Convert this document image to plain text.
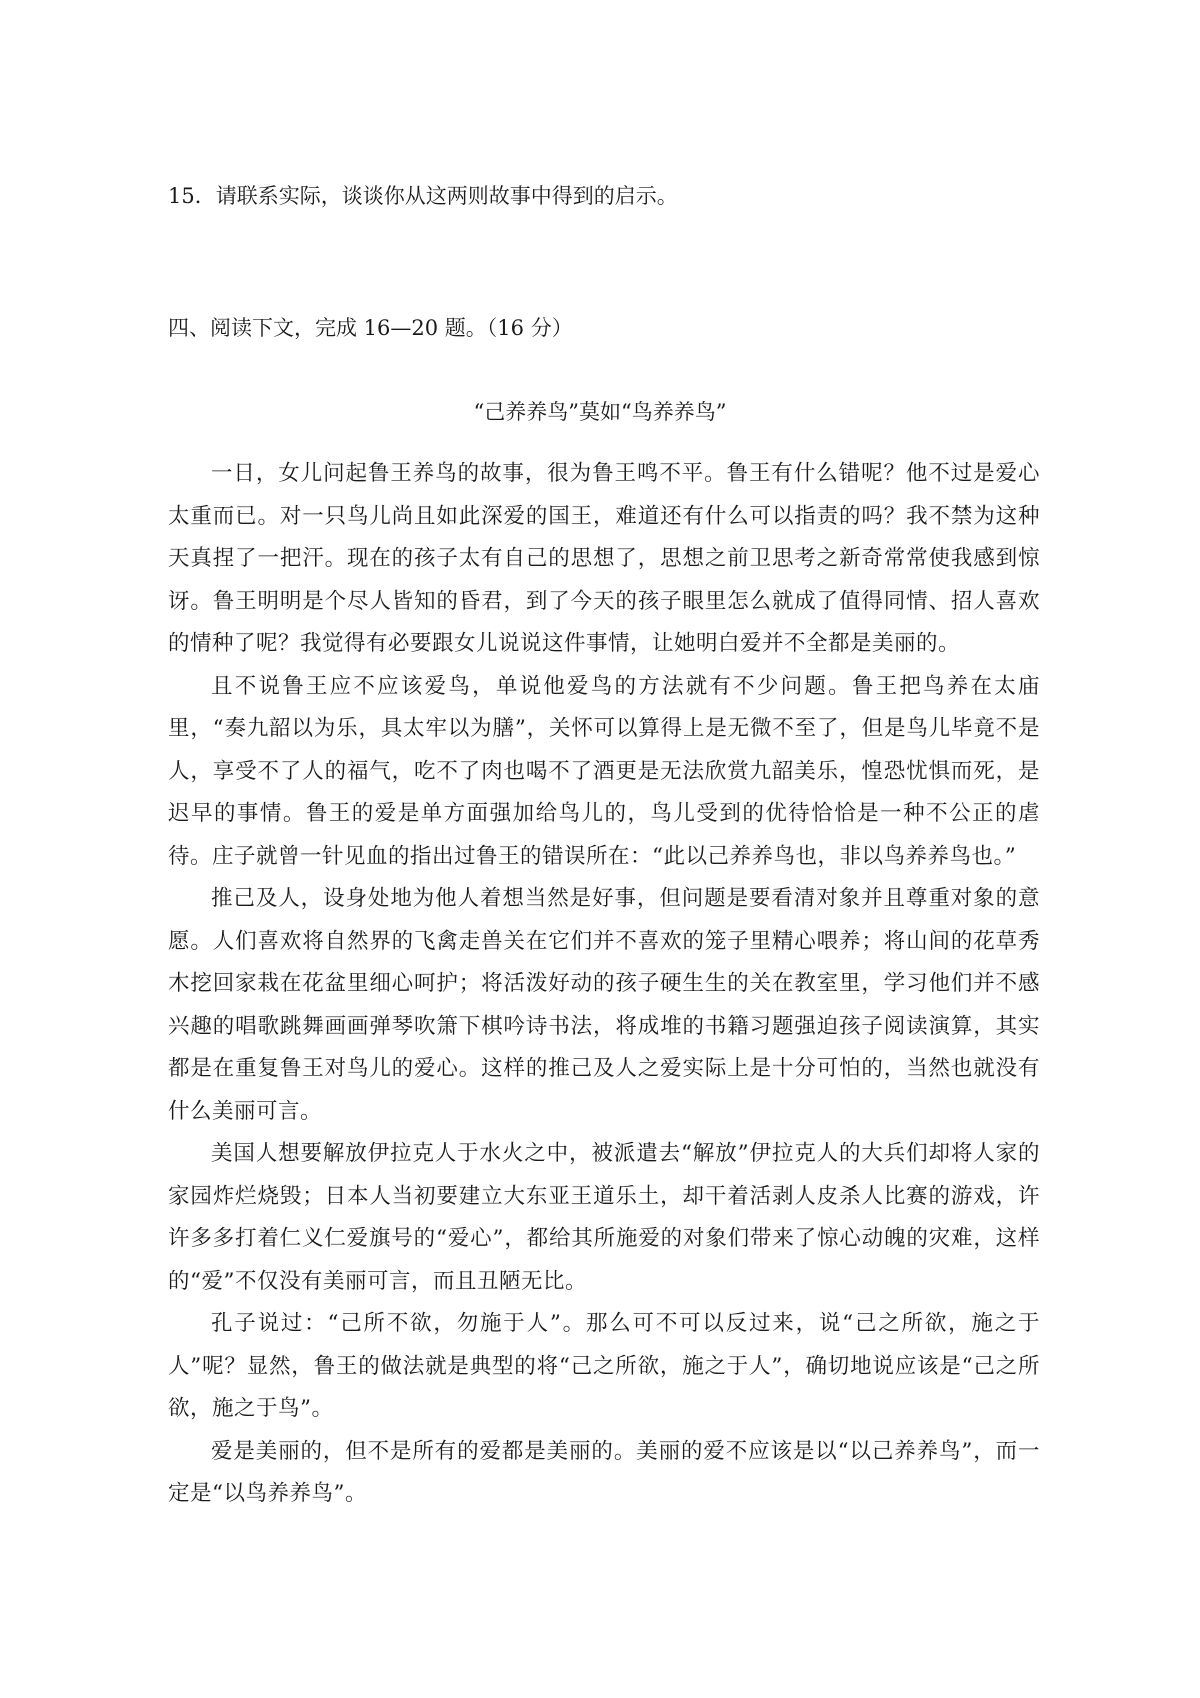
15．请联系实际，谈谈你从这两则故事中得到的启示。
四、阅读下文，完成 16—20 题。（16 分）
“己养养鸟”莫如“鸟养养鸟”

一日，女儿问起鲁王养鸟的故事，很为鲁王鸣不平。鲁王有什么错呢？他不过是爱心太重而已。对一只鸟儿尚且如此深爱的国王，难道还有什么可以指责的吗？我不禁为这种天真捏了一把汗。现在的孩子太有自己的思想了，思想之前卫思考之新奇常常使我感到惊讶。鲁王明明是个尽人皆知的昏君，到了今天的孩子眼里怎么就成了值得同情、招人喜欢的情种了呢？我觉得有必要跟女儿说说这件事情，让她明白爱并不全都是美丽的。

且不说鲁王应不应该爱鸟，单说他爱鸟的方法就有不少问题。鲁王把鸟养在太庙里，“奏九韶以为乐，具太牢以为膳”，关怀可以算得上是无微不至了，但是鸟儿毕竟不是人，享受不了人的福气，吃不了肉也喝不了酒更是无法欣赏九韶美乐，惶恐忧惧而死，是迟早的事情。鲁王的爱是单方面强加给鸟儿的，鸟儿受到的优待恰恰是一种不公正的虐待。庄子就曾一针见血的指出过鲁王的错误所在：“此以己养养鸟也，非以鸟养养鸟也。”

推己及人，设身处地为他人着想当然是好事，但问题是要看清对象并且尊重对象的意愿。人们喜欢将自然界的飞禽走兽关在它们并不喜欢的笼子里精心喂养；将山间的花草秀木挖回家栽在花盆里细心呵护；将活泼好动的孩子硬生生的关在教室里，学习他们并不感兴趣的唱歌跳舞画画弹琴吹箫下棋吟诗书法，将成堆的书籍习题强迫孩子阅读演算，其实都是在重复鲁王对鸟儿的爱心。这样的推己及人之爱实际上是十分可怕的，当然也就没有什么美丽可言。

美国人想要解放伊拉克人于水火之中，被派遣去“解放”伊拉克人的大兵们却将人家的家园炸烂烧毁；日本人当初要建立大东亚王道乐土，却干着活剥人皮杀人比赛的游戏，许许多多打着仁义仁爱旗号的“爱心”，都给其所施爱的对象们带来了惊心动魄的灾难，这样的“爱”不仅没有美丽可言，而且丑陋无比。

孔子说过：“己所不欲，勿施于人”。那么可不可以反过来，说“己之所欲，施之于人”呢？显然，鲁王的做法就是典型的将“己之所欲，施之于人”，确切地说应该是“己之所欲，施之于鸟”。

爱是美丽的，但不是所有的爱都是美丽的。美丽的爱不应该是以“以己养养鸟”，而一定是“以鸟养养鸟”。
